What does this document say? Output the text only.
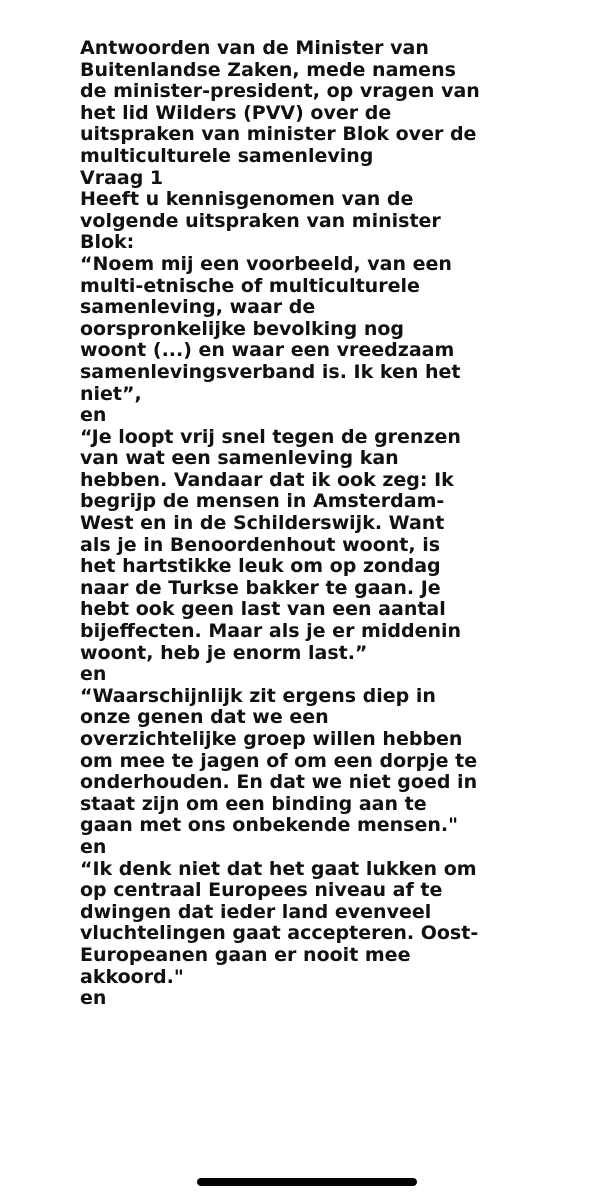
Antwoorden van de Minister van
Buitenlandse Zaken, mede namens
de minister-president, op vragen van
het lid Wilders (PVV) over de
uitspraken van minister Blok over de
multiculturele samenleving

Vraag 1

Heeft u kennisgenomen van de
volgende uitspraken van minister
Blok:

“Noem mij een voorbeeld, van een
multi-etnische of multiculturele
samenleving, waar de
oorspronkelijke bevolking nog
woont (...) en waar een vreedzaam
samenlevingsverband is. Ik ken het
niet”,

en

“Je loopt vrij snel tegen de grenzen
van wat een samenleving kan
hebben. Vandaar dat ik ook zeg: Ik
begrijp de mensen in Amsterdam-
West en in de Schilderswijk. Want
als je in Benoordenhout woont, is
het hartstikke leuk om op zondag
naar de Turkse bakker te gaan. Je
hebt ook geen last van een aantal
bijeffecten. Maar als je er middenin
woont, heb je enorm last.”

en

“Waarschijnlijk zit ergens diep in
onze genen dat we een
overzichtelijke groep willen hebben
om mee te jagen of om een dorpje te
onderhouden. En dat we niet goed in
staat zijn om een binding aan te
gaan met ons onbekende mensen."

en

“Ik denk niet dat het gaat lukken om
op centraal Europees niveau af te
dwingen dat ieder land evenveel
vluchtelingen gaat accepteren. Oost-
Europeanen gaan er nooit mee
akkoord."

en
